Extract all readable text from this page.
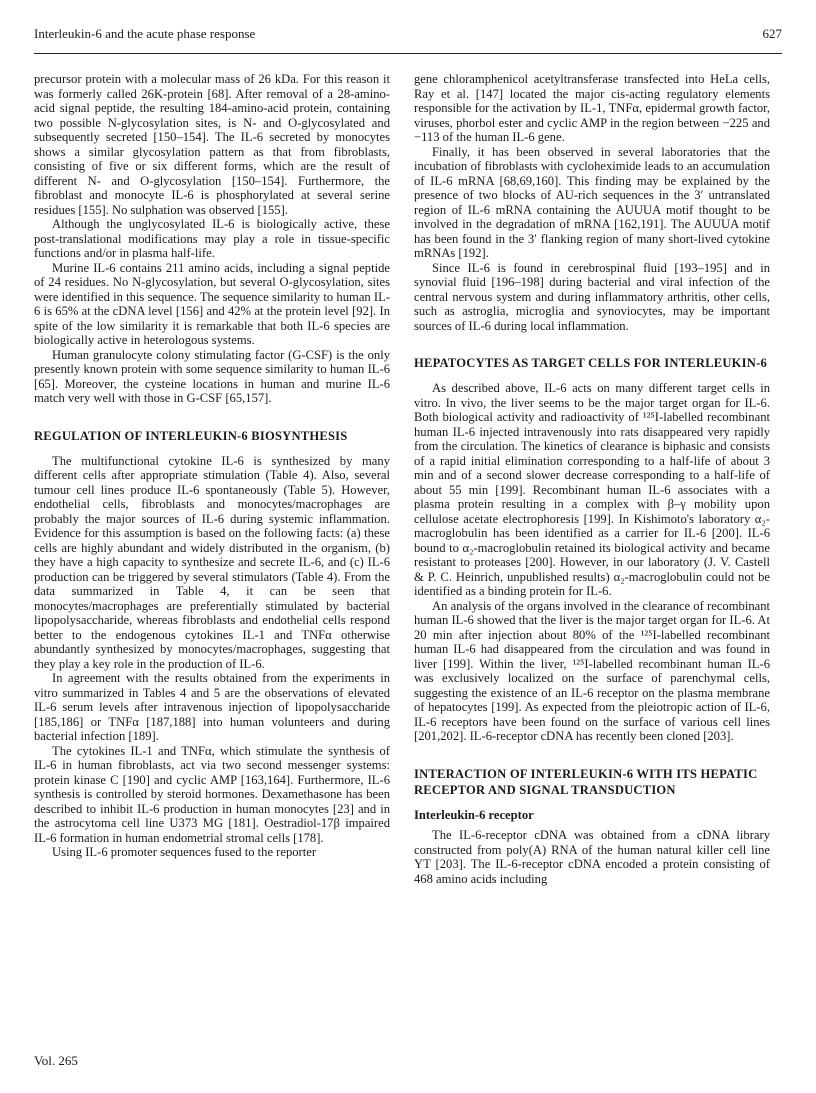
Interleukin-6 and the acute phase response	627

precursor protein with a molecular mass of 26 kDa. For this reason it was formerly called 26K-protein [68]. After removal of a 28-amino-acid signal peptide, the resulting 184-amino-acid protein, containing two possible N-glycosylation sites, is N- and O-glycosylated and subsequently secreted [150–154]. The IL-6 secreted by monocytes shows a similar glycosylation pattern as that from fibroblasts, consisting of five or six different forms, which are the result of different N- and O-glycosylation [150–154]. Furthermore, the fibroblast and monocyte IL-6 is phosphorylated at several serine residues [155]. No sulphation was observed [155].

Although the unglycosylated IL-6 is biologically active, these post-translational modifications may play a role in tissue-specific functions and/or in plasma half-life.

Murine IL-6 contains 211 amino acids, including a signal peptide of 24 residues. No N-glycosylation, but several O-glycosylation, sites were identified in this sequence. The sequence similarity to human IL-6 is 65% at the cDNA level [156] and 42% at the protein level [92]. In spite of the low similarity it is remarkable that both IL-6 species are biologically active in heterologous systems.

Human granulocyte colony stimulating factor (G-CSF) is the only presently known protein with some sequence similarity to human IL-6 [65]. Moreover, the cysteine locations in human and murine IL-6 match very well with those in G-CSF [65,157].

REGULATION OF INTERLEUKIN-6 BIOSYNTHESIS

The multifunctional cytokine IL-6 is synthesized by many different cells after appropriate stimulation (Table 4). Also, several tumour cell lines produce IL-6 spontaneously (Table 5). However, endothelial cells, fibroblasts and monocytes/macrophages are probably the major sources of IL-6 during systemic inflammation. Evidence for this assumption is based on the following facts: (a) these cells are highly abundant and widely distributed in the organism, (b) they have a high capacity to synthesize and secrete IL-6, and (c) IL-6 production can be triggered by several stimulators (Table 4). From the data summarized in Table 4, it can be seen that monocytes/macrophages are preferentially stimulated by bacterial lipopolysaccharide, whereas fibroblasts and endothelial cells respond better to the endogenous cytokines IL-1 and TNFα otherwise abundantly synthesized by monocytes/macrophages, suggesting that they play a key role in the production of IL-6.

In agreement with the results obtained from the experiments in vitro summarized in Tables 4 and 5 are the observations of elevated IL-6 serum levels after intravenous injection of lipopolysaccharide [185,186] or TNFα [187,188] into human volunteers and during bacterial infection [189].

The cytokines IL-1 and TNFα, which stimulate the synthesis of IL-6 in human fibroblasts, act via two second messenger systems: protein kinase C [190] and cyclic AMP [163,164]. Furthermore, IL-6 synthesis is controlled by steroid hormones. Dexamethasone has been described to inhibit IL-6 production in human monocytes [23] and in the astrocytoma cell line U373 MG [181]. Oestradiol-17β impaired IL-6 formation in human endometrial stromal cells [178].

Using IL-6 promoter sequences fused to the reporter

gene chloramphenicol acetyltransferase transfected into HeLa cells, Ray et al. [147] located the major cis-acting regulatory elements responsible for the activation by IL-1, TNFα, epidermal growth factor, viruses, phorbol ester and cyclic AMP in the region between −225 and −113 of the human IL-6 gene.

Finally, it has been observed in several laboratories that the incubation of fibroblasts with cycloheximide leads to an accumulation of IL-6 mRNA [68,69,160]. This finding may be explained by the presence of two blocks of AU-rich sequences in the 3′ untranslated region of IL-6 mRNA containing the AUUUA motif thought to be involved in the degradation of mRNA [162,191]. The AUUUA motif has been found in the 3′ flanking region of many short-lived cytokine mRNAs [192].

Since IL-6 is found in cerebrospinal fluid [193–195] and in synovial fluid [196–198] during bacterial and viral infection of the central nervous system and during inflammatory arthritis, other cells, such as astroglia, microglia and synoviocytes, may be important sources of IL-6 during local inflammation.

HEPATOCYTES AS TARGET CELLS FOR INTERLEUKIN-6

As described above, IL-6 acts on many different target cells in vitro. In vivo, the liver seems to be the major target organ for IL-6. Both biological activity and radioactivity of ¹²⁵I-labelled recombinant human IL-6 injected intravenously into rats disappeared very rapidly from the circulation. The kinetics of clearance is biphasic and consists of a rapid initial elimination corresponding to a half-life of about 3 min and of a second slower decrease corresponding to a half-life of about 55 min [199]. Recombinant human IL-6 associates with a plasma protein resulting in a complex with β–γ mobility upon cellulose acetate electrophoresis [199]. In Kishimoto's laboratory α₂-macroglobulin has been identified as a carrier for IL-6 [200]. IL-6 bound to α₂-macroglobulin retained its biological activity and became resistant to proteases [200]. However, in our laboratory (J. V. Castell & P. C. Heinrich, unpublished results) α₂-macroglobulin could not be identified as a binding protein for IL-6.

An analysis of the organs involved in the clearance of recombinant human IL-6 showed that the liver is the major target organ for IL-6. At 20 min after injection about 80% of the ¹²⁵I-labelled recombinant human IL-6 had disappeared from the circulation and was found in liver [199]. Within the liver, ¹²⁵I-labelled recombinant human IL-6 was exclusively localized on the surface of parenchymal cells, suggesting the existence of an IL-6 receptor on the plasma membrane of hepatocytes [199]. As expected from the pleiotropic action of IL-6, IL-6 receptors have been found on the surface of various cell lines [201,202]. IL-6-receptor cDNA has recently been cloned [203].

INTERACTION OF INTERLEUKIN-6 WITH ITS HEPATIC RECEPTOR AND SIGNAL TRANSDUCTION
Interleukin-6 receptor

The IL-6-receptor cDNA was obtained from a cDNA library constructed from poly(A) RNA of the human natural killer cell line YT [203]. The IL-6-receptor cDNA encoded a protein consisting of 468 amino acids including

Vol. 265
